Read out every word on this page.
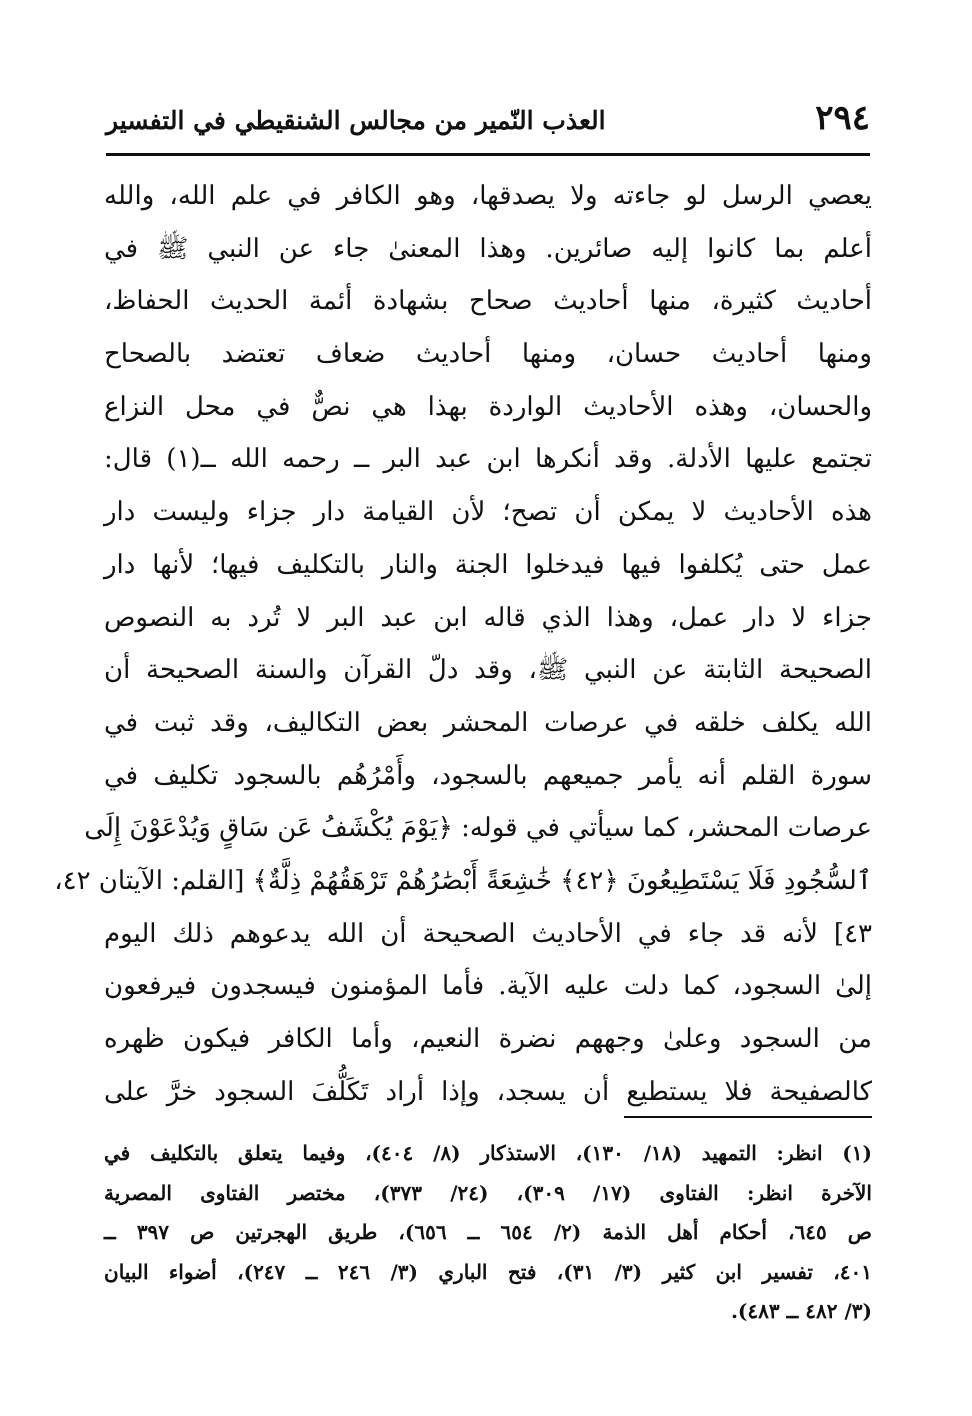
٢٩٤
العذب النّمير من مجالس الشنقيطي في التفسير
يعصي الرسل لو جاءته ولا يصدقها، وهو الكافر في علم الله، والله
أعلم بما كانوا إليه صائرين. وهذا المعنىٰ جاء عن النبي ﷺ في
أحاديث كثيرة، منها أحاديث صحاح بشهادة أئمة الحديث الحفاظ،
ومنها أحاديث حسان، ومنها أحاديث ضعاف تعتضد بالصحاح
والحسان، وهذه الأحاديث الواردة بهذا هي نصٌّ في محل النزاع
تجتمع عليها الأدلة. وقد أنكرها ابن عبد البر ــ رحمه الله ــ(١) قال:
هذه الأحاديث لا يمكن أن تصح؛ لأن القيامة دار جزاء وليست دار
عمل حتى يُكلفوا فيها فيدخلوا الجنة والنار بالتكليف فيها؛ لأنها دار
جزاء لا دار عمل، وهذا الذي قاله ابن عبد البر لا تُرد به النصوص
الصحيحة الثابتة عن النبي ﷺ، وقد دلّ القرآن والسنة الصحيحة أن
الله يكلف خلقه في عرصات المحشر بعض التكاليف، وقد ثبت في
سورة القلم أنه يأمر جميعهم بالسجود، وأَمْرُهُم بالسجود تكليف في
عرصات المحشر، كما سيأتي في قوله: ﴿يَوْمَ يُكْشَفُ عَن سَاقٍ وَيُدْعَوْنَ إِلَى
ٱلسُّجُودِ فَلَا يَسْتَطِيعُونَ ﴿٤٢﴾ خَٰشِعَةً أَبْصَٰرُهُمْ تَرْهَقُهُمْ ذِلَّةٌ﴾ [القلم: الآيتان ٤٢،
٤٣] لأنه قد جاء في الأحاديث الصحيحة أن الله يدعوهم ذلك اليوم
إلىٰ السجود، كما دلت عليه الآية. فأما المؤمنون فيسجدون فيرفعون
من السجود وعلىٰ وجههم نضرة النعيم، وأما الكافر فيكون ظهره
كالصفيحة فلا يستطيع أن يسجد، وإذا أراد تَكَلُّفَ السجود خرَّ على
(١) انظر: التمهيد (١٨/ ١٣٠)، الاستذكار (٨/ ٤٠٤)، وفيما يتعلق بالتكليف في
الآخرة انظر: الفتاوى (١٧/ ٣٠٩)، (٢٤/ ٣٧٣)، مختصر الفتاوى المصرية
ص ٦٤٥، أحكام أهل الذمة (٢/ ٦٥٤ ــ ٦٥٦)، طريق الهجرتين ص ٣٩٧ ــ
٤٠١، تفسير ابن كثير (٣/ ٣١)، فتح الباري (٣/ ٢٤٦ ــ ٢٤٧)، أضواء البيان
(٣/ ٤٨٢ ــ ٤٨٣).
